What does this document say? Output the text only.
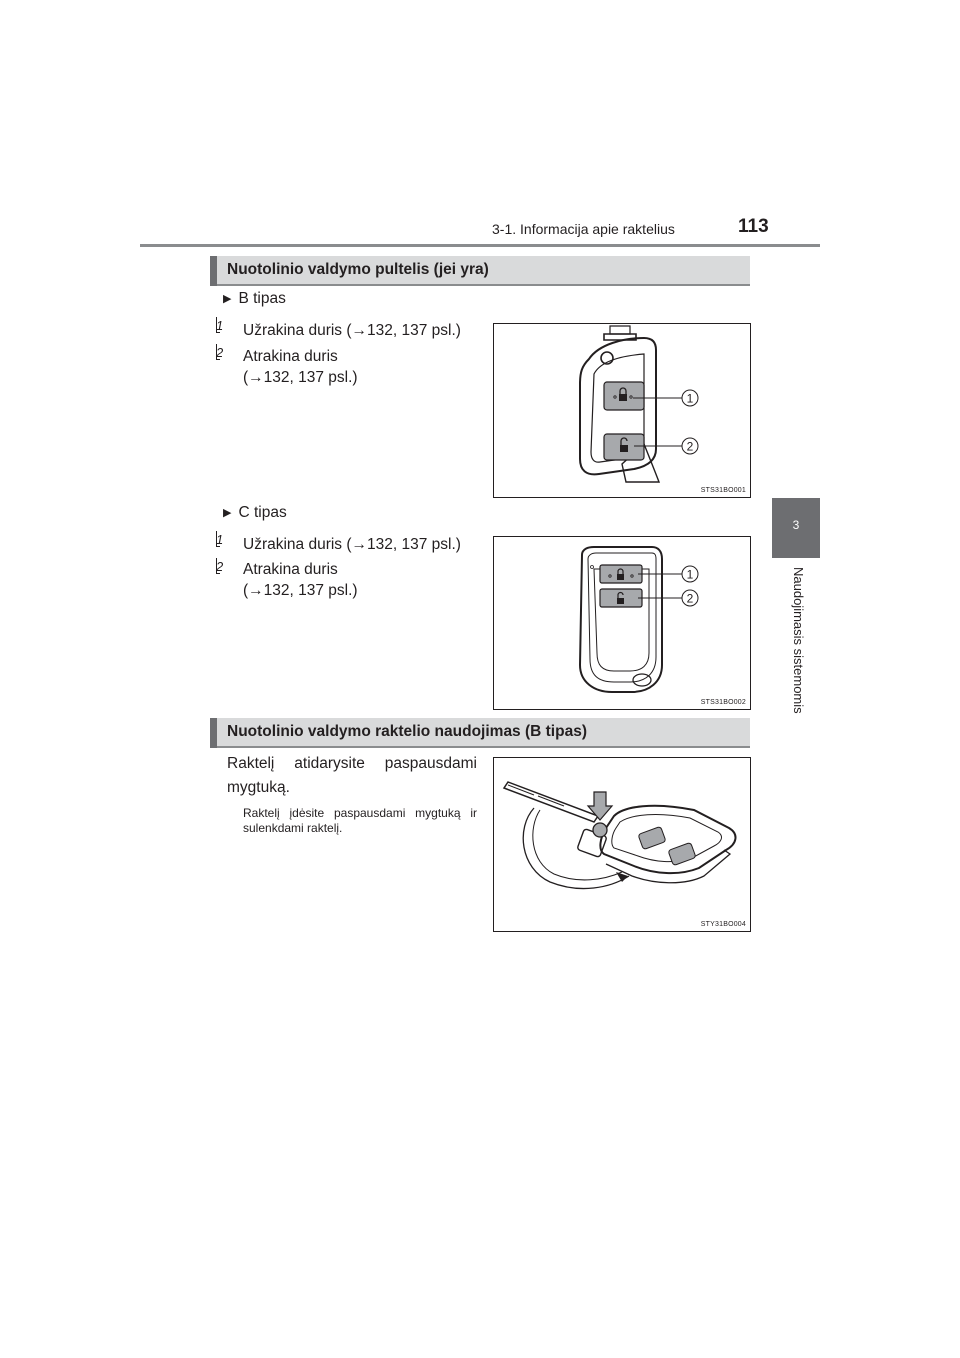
3-1. Informacija apie raktelius	113
3
Naudojimasis sistemomis
Nuotolinio valdymo pultelis (jei yra)
▶ B tipas
1	Užrakina duris (→132, 137 psl.)
2	Atrakina duris
(→132, 137 psl.)
1
2
STS31BO001
▶ C tipas
1	Užrakina duris (→132, 137 psl.)
2	Atrakina duris
(→132, 137 psl.)
1
2
STS31BO002
Nuotolinio valdymo raktelio naudojimas (B tipas)
Raktelį atidarysite paspausdami mygtuką.
Raktelį įdėsite paspausdami mygtuką ir sulenkdami raktelį.
STY31BO004
